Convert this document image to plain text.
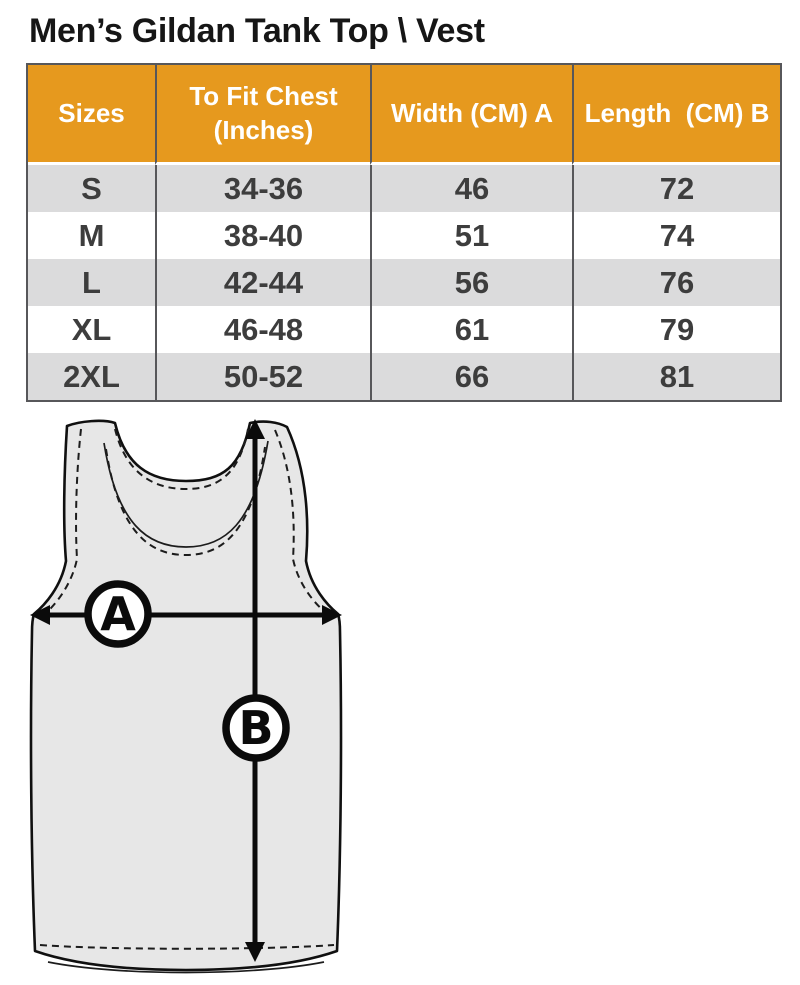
Men’s Gildan Tank Top \ Vest
Sizes	To Fit Chest (Inches)	Width (CM) A	Length  (CM) B
S	34-36	46	72
M	38-40	51	74
L	42-44	56	76
XL	46-48	61	79
2XL	50-52	66	81
A
B
